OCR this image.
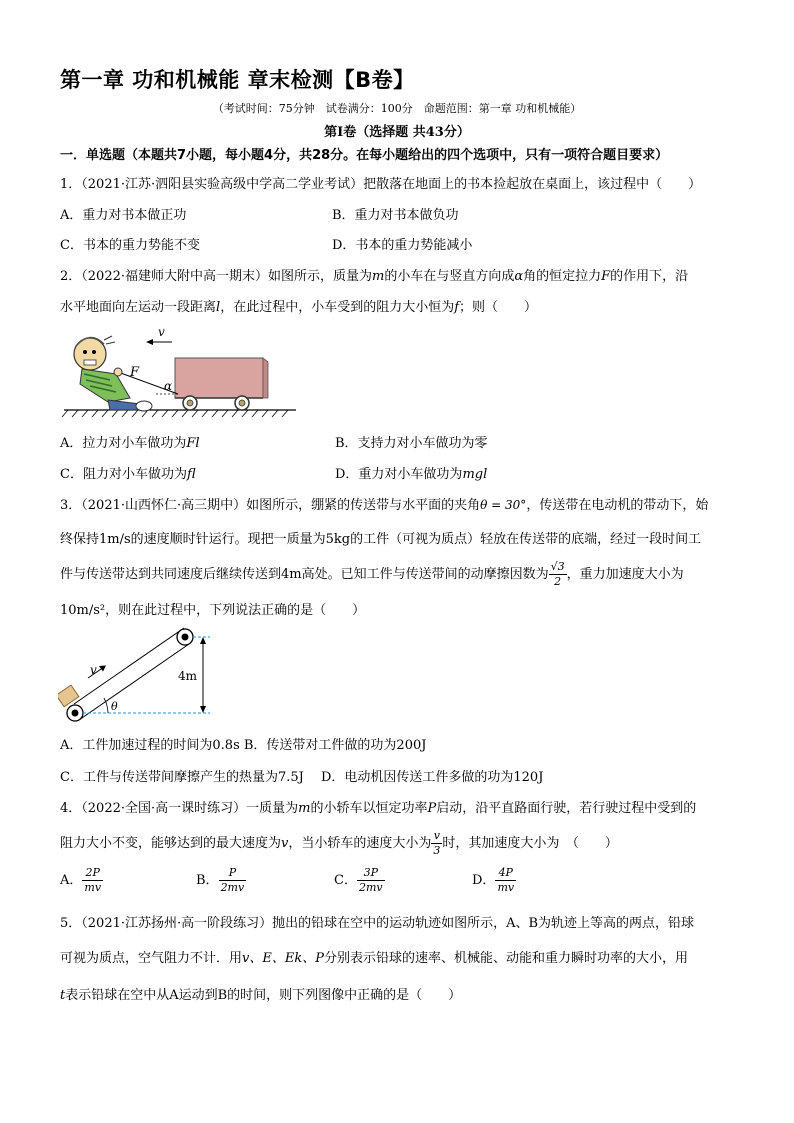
第一章 功和机械能 章末检测【B卷】
（考试时间：75分钟　试卷满分：100分　命题范围：第一章 功和机械能）
第Ⅰ卷（选择题 共43分）
一．单选题（本题共7小题，每小题4分，共28分。在每小题给出的四个选项中，只有一项符合题目要求）
1．（2021·江苏·泗阳县实验高级中学高二学业考试）把散落在地面上的书本捡起放在桌面上，该过程中（　　）
A．重力对书本做正功	B．重力对书本做负功
C．书本的重力势能不变	D．书本的重力势能减小
2．（2022·福建师大附中高一期末）如图所示，质量为m的小车在与竖直方向成α角的恒定拉力F的作用下，沿
水平地面向左运动一段距离l，在此过程中，小车受到的阻力大小恒为f；则（　　）
v
F
α
A．拉力对小车做功为Fl	B．支持力对小车做功为零
C．阻力对小车做功为fl	D．重力对小车做功为mgl
3．（2021·山西怀仁·高三期中）如图所示，绷紧的传送带与水平面的夹角θ = 30°，传送带在电动机的带动下，始
终保持1m/s的速度顺时针运行。现把一质量为5kg的工件（可视为质点）轻放在传送带的底端，经过一段时间工
件与传送带达到共同速度后继续传送到4m高处。已知工件与传送带间的动摩擦因数为 $\frac{√3}{2}$ ，重力加速度大小为
10m/s²，则在此过程中，下列说法正确的是（　　）
v	4m
θ
A．工件加速过程的时间为0.8s B．传送带对工件做的功为200J
C．工件与传送带间摩擦产生的热量为7.5J　 D．电动机因传送工件多做的功为120J
4．（2022·全国·高一课时练习）一质量为m的小轿车以恒定功率P启动，沿平直路面行驶，若行驶过程中受到的
阻力大小不变，能够达到的最大速度为v，当小轿车的速度大小为 $\frac{v}{3}$ 时，其加速度大小为　（　　）
A． $\frac{2P}{mv}$	B． $\frac{P}{2mv}$	C． $\frac{3P}{2mv}$	D． $\frac{4P}{mv}$
5．（2021·江苏扬州·高一阶段练习）抛出的铅球在空中的运动轨迹如图所示，A、B为轨迹上等高的两点，铅球
可视为质点，空气阻力不计．用v、E、Ek、P分别表示铅球的速率、机械能、动能和重力瞬时功率的大小，用
t表示铅球在空中从A运动到B的时间，则下列图像中正确的是（　　）
